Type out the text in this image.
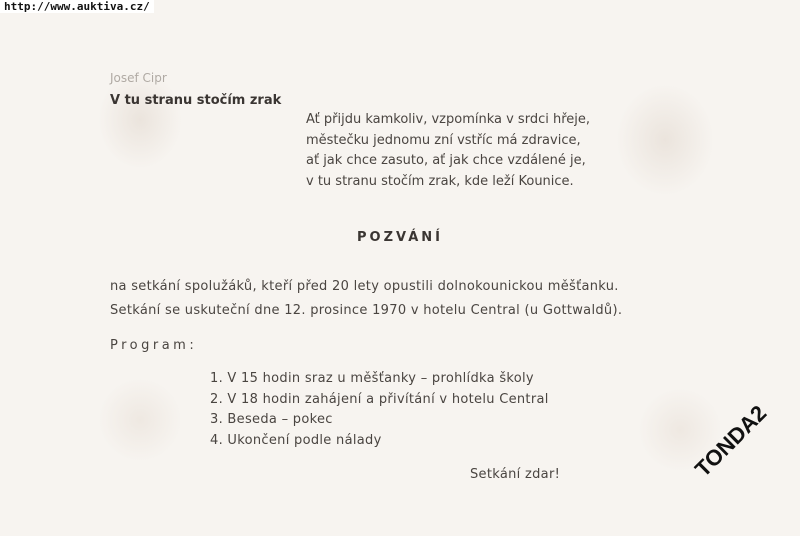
http://www.auktiva.cz/
Josef Cipr
V tu stranu stočím zrak
Ať přijdu kamkoliv, vzpomínka v srdci hřeje,
městečku jednomu zní vstříc má zdravice,
ať jak chce zasuto, ať jak chce vzdálené je,
v tu stranu stočím zrak, kde leží Kounice.
POZVÁNÍ
na setkání spolužáků, kteří před 20 lety opustili dolnokounickou měšťanku.
Setkání se uskuteční dne 12. prosince 1970 v hotelu Central (u Gottwaldů).
Program:
1. V 15 hodin sraz u měšťanky – prohlídka školy
2. V 18 hodin zahájení a přivítání v hotelu Central
3. Beseda – pokec
4. Ukončení podle nálady
Setkání zdar!	TONDA2
